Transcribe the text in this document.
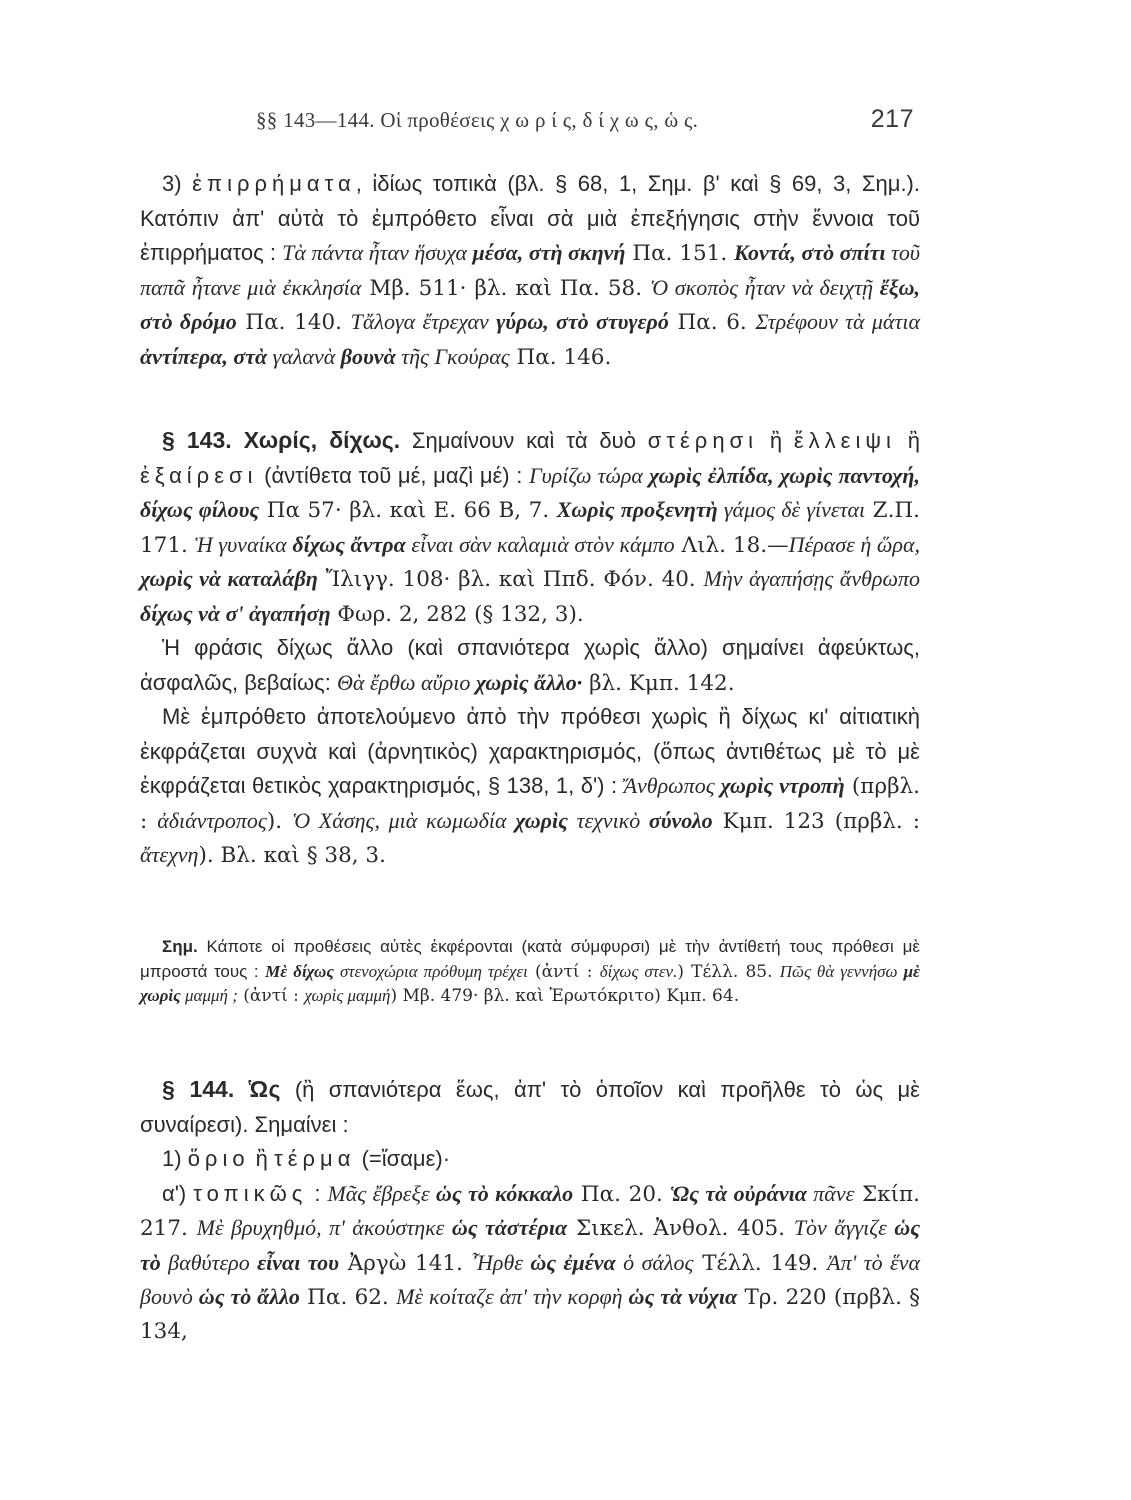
§§ 143—144. Οἱ προθέσεις χ ω ρ ί ς, δ ί χ ω ς, ὡ ς.	217

3) ἐπιρρήματα, ἰδίως τοπικὰ (βλ. § 68, 1, Σημ. β' καὶ § 69, 3, Σημ.). Κατόπιν ἀπ' αὐτὰ τὸ ἐμπρόθετο εἶναι σὰ μιὰ ἐπεξήγησις στὴν ἔννοια τοῦ ἐπιρρήματος : Τὰ πάντα ἦταν ἥσυχα μέσα, στὴ σκηνή Πα. 151. Κοντά, στὸ σπίτι τοῦ παπᾶ ἦτανε μιὰ ἐκκλησία Μβ. 511· βλ. καὶ Πα. 58. Ὁ σκοπὸς ἦταν νὰ δειχτῇ ἔξω, στὸ δρόμο Πα. 140. Τἄλογα ἔτρεχαν γύρω, στὸ στυγερό Πα. 6. Στρέφουν τὰ μάτια ἀντίπερα, στὰ γαλανὰ βουνὰ τῆς Γκούρας Πα. 146.

§ 143. Χωρίς, δίχως. Σημαίνουν καὶ τὰ δυὸ στέρησι ἢ ἔλλειψι ἢ ἐξαίρεσι (ἀντίθετα τοῦ μέ, μαζὶ μέ) : Γυρίζω τώρα χωρὶς ἐλπίδα, χωρὶς παντοχή, δίχως φίλους Πα 57· βλ. καὶ Ε. 66 Β, 7. Χωρὶς προξενητὴ γάμος δὲ γίνεται Ζ.Π. 171. Ἡ γυναίκα δίχως ἄντρα εἶναι σὰν καλαμιὰ στὸν κάμπο Λιλ. 18.—Πέρασε ἡ ὥρα, χωρὶς νὰ καταλάβη Ἴλιγγ. 108· βλ. καὶ Ππδ. Φόν. 40. Μὴν ἀγαπήσῃς ἄνθρωπο δίχως νὰ σ' ἀγαπήσῃ Φωρ. 2, 282 (§ 132, 3).

Ἡ φράσις δίχως ἄλλο (καὶ σπανιότερα χωρὶς ἄλλο) σημαίνει ἀφεύκτως, ἀσφαλῶς, βεβαίως: Θὰ ἔρθω αὔριο χωρὶς ἄλλο· βλ. Κμπ. 142.

Μὲ ἐμπρόθετο ἀποτελούμενο ἀπὸ τὴν πρόθεσι χωρὶς ἢ δίχως κι' αἰτιατικὴ ἐκφράζεται συχνὰ καὶ (ἀρνητικὸς) χαρακτηρισμός, (ὅπως ἀντιθέτως μὲ τὸ μὲ ἐκφράζεται θετικὸς χαρακτηρισμός, § 138, 1, δ') : Ἄνθρωπος χωρὶς ντροπὴ (πρβλ. : ἀδιάντροπος). Ὁ Χάσης, μιὰ κωμωδία χωρὶς τεχνικὸ σύνολο Κμπ. 123 (πρβλ. : ἄτεχνη). Βλ. καὶ § 38, 3.

Σημ. Κάποτε οἱ προθέσεις αὐτὲς ἐκφέρονται (κατὰ σύμφυρσι) μὲ τὴν ἀντίθετή τους πρόθεσι μὲ μπροστά τους : Μὲ δίχως στενοχώρια πρόθυμη τρέχει (ἀντί : δίχως στεν.) Τέλλ. 85. Πῶς θὰ γεννήσω μὲ χωρὶς μαμμή ; (ἀντί : χωρὶς μαμμή) Μβ. 479· βλ. καὶ Ἐρωτόκριτο) Κμπ. 64.

§ 144. Ὡς (ἢ σπανιότερα ἕως, ἀπ' τὸ ὁποῖον καὶ προῆλθε τὸ ὡς μὲ συναίρεσι). Σημαίνει :

1) ὅριο ἢ τέρμα (=ἴσαμε)·

α') τοπικῶς : Μᾶς ἔβρεξε ὡς τὸ κόκκαλο Πα. 20. Ὡς τὰ οὐράνια πᾶνε Σκίπ. 217. Μὲ βρυχηθμό, π' ἀκούστηκε ὡς τἀστέρια Σικελ. Ἀνθολ. 405. Τὸν ἄγγιζε ὡς τὸ βαθύτερο εἶναι του Ἀργὼ 141. Ἦρθε ὡς ἐμένα ὁ σάλος Τέλλ. 149. Ἀπ' τὸ ἕνα βουνὸ ὡς τὸ ἄλλο Πα. 62. Μὲ κοίταζε ἀπ' τὴν κορφὴ ὡς τὰ νύχια Τρ. 220 (πρβλ. § 134,
